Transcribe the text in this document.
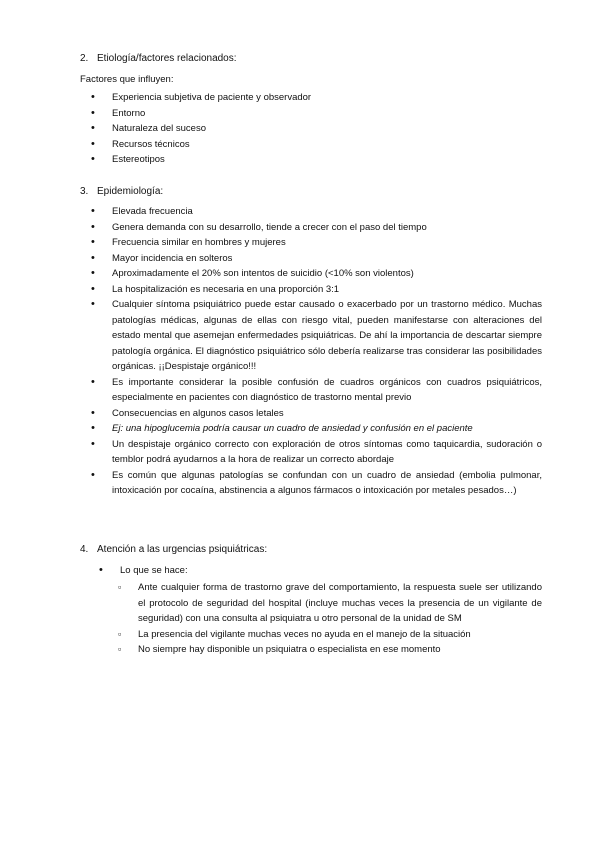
2. Etiología/factores relacionados:
Factores que influyen:
• Experiencia subjetiva de paciente y observador
• Entorno
• Naturaleza del suceso
• Recursos técnicos
• Estereotipos
3. Epidemiología:
• Elevada frecuencia
• Genera demanda con su desarrollo, tiende a crecer con el paso del tiempo
• Frecuencia similar en hombres y mujeres
• Mayor incidencia en solteros
• Aproximadamente el 20% son intentos de suicidio (<10% son violentos)
• La hospitalización es necesaria en una proporción 3:1
• Cualquier síntoma psiquiátrico puede estar causado o exacerbado por un trastorno médico. Muchas patologías médicas, algunas de ellas con riesgo vital, pueden manifestarse con alteraciones del estado mental que asemejan enfermedades psiquiátricas. De ahí la importancia de descartar siempre patología orgánica. El diagnóstico psiquiátrico sólo debería realizarse tras considerar las posibilidades orgánicas. ¡¡Despistaje orgánico!!!
• Es importante considerar la posible confusión de cuadros orgánicos con cuadros psiquiátricos, especialmente en pacientes con diagnóstico de trastorno mental previo
• Consecuencias en algunos casos letales
• Ej: una hipoglucemia podría causar un cuadro de ansiedad y confusión en el paciente
• Un despistaje orgánico correcto con exploración de otros síntomas como taquicardia, sudoración o temblor podrá ayudarnos a la hora de realizar un correcto abordaje
• Es común que algunas patologías se confundan con un cuadro de ansiedad (embolia pulmonar, intoxicación por cocaína, abstinencia a algunos fármacos o intoxicación por metales pesados…)
4. Atención a las urgencias psiquiátricas:
• Lo que se hace:
▫ Ante cualquier forma de trastorno grave del comportamiento, la respuesta suele ser utilizando el protocolo de seguridad del hospital (incluye muchas veces la presencia de un vigilante de seguridad) con una consulta al psiquiatra u otro personal de la unidad de SM
▫ La presencia del vigilante muchas veces no ayuda en el manejo de la situación
▫ No siempre hay disponible un psiquiatra o especialista en ese momento
